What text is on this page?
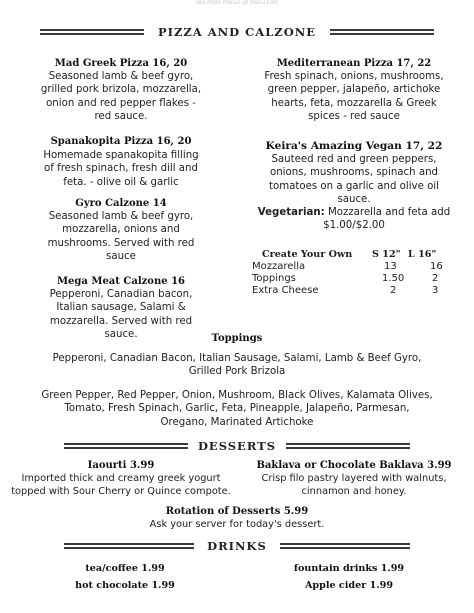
see more menus @ menu.com
PIZZA AND CALZONE
Mad Greek Pizza 16, 20
Seasoned lamb & beef gyro,
grilled pork brizola, mozzarella,
onion and red pepper flakes -
red sauce.
Mediterranean Pizza 17, 22
Fresh spinach, onions, mushrooms,
green pepper, jalapeño, artichoke
hearts, feta, mozzarella & Greek
spices - red sauce
Spanakopita Pizza 16, 20
Homemade spanakopita filling
of fresh spinach, fresh dill and
feta. - olive oil & garlic
Keira's Amazing Vegan 17, 22
Sauteed red and green peppers,
onions, mushrooms, spinach and
tomatoes on a garlic and olive oil
sauce.
Gyro Calzone 14
Seasoned lamb & beef gyro,
mozzarella, onions and
mushrooms. Served with red
sauce
Vegetarian: Mozzarella and feta add
$1.00/$2.00
Create Your Own S 12" L 16"
Mozzarella	13	16
Toppings	1.50	2
Extra Cheese	2	3
Mega Meat Calzone 16
Pepperoni, Canadian bacon,
Italian sausage, Salami &
mozzarella. Served with red
sauce.	Toppings
Pepperoni, Canadian Bacon, Italian Sausage, Salami, Lamb & Beef Gyro,
Grilled Pork Brizola
Green Pepper, Red Pepper, Onion, Mushroom, Black Olives, Kalamata Olives,
Tomato, Fresh Spinach, Garlic, Feta, Pineapple, Jalapeño, Parmesan,
Oregano, Marinated Artichoke
DESSERTS
Iaourti 3.99
Imported thick and creamy greek yogurt
topped with Sour Cherry or Quince compote.
Baklava or Chocolate Baklava 3.99
Crisp filo pastry layered with walnuts,
cinnamon and honey.
Rotation of Desserts 5.99
Ask your server for today's dessert.
DRINKS
tea/coffee 1.99	fountain drinks 1.99
hot chocolate 1.99	Apple cider 1.99
